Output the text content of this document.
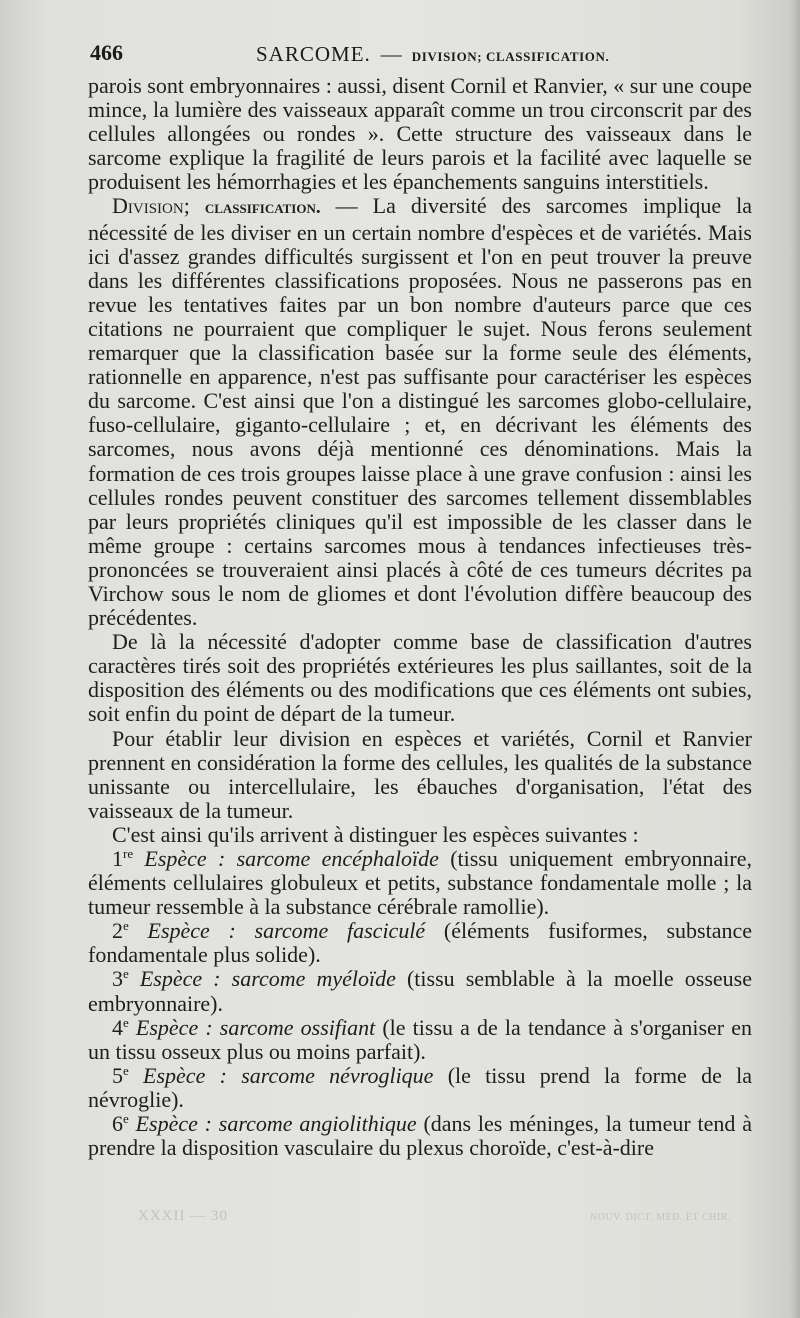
466	SARCOME. — DIVISION; CLASSIFICATION.

parois sont embryonnaires : aussi, disent Cornil et Ranvier, « sur une coupe mince, la lumière des vaisseaux apparaît comme un trou circonscrit par des cellules allongées ou rondes ». Cette structure des vaisseaux dans le sarcome explique la fragilité de leurs parois et la facilité avec laquelle se produisent les hémorrhagies et les épanchements sanguins interstitiels.

Division; classification. — La diversité des sarcomes implique la nécessité de les diviser en un certain nombre d'espèces et de variétés. Mais ici d'assez grandes difficultés surgissent et l'on en peut trouver la preuve dans les différentes classifications proposées. Nous ne passerons pas en revue les tentatives faites par un bon nombre d'auteurs parce que ces citations ne pourraient que compliquer le sujet. Nous ferons seulement remarquer que la classification basée sur la forme seule des éléments, rationnelle en apparence, n'est pas suffisante pour caractériser les espèces du sarcome. C'est ainsi que l'on a distingué les sarcomes globo-cellulaire, fuso-cellulaire, giganto-cellulaire ; et, en décrivant les éléments des sarcomes, nous avons déjà mentionné ces dénominations. Mais la formation de ces trois groupes laisse place à une grave confusion : ainsi les cellules rondes peuvent constituer des sarcomes tellement dissemblables par leurs propriétés cliniques qu'il est impossible de les classer dans le même groupe : certains sarcomes mous à tendances infectieuses très-prononcées se trouveraient ainsi placés à côté de ces tumeurs décrites pa Virchow sous le nom de gliomes et dont l'évolution diffère beaucoup des précédentes.

De là la nécessité d'adopter comme base de classification d'autres caractères tirés soit des propriétés extérieures les plus saillantes, soit de la disposition des éléments ou des modifications que ces éléments ont subies, soit enfin du point de départ de la tumeur.

Pour établir leur division en espèces et variétés, Cornil et Ranvier prennent en considération la forme des cellules, les qualités de la substance unissante ou intercellulaire, les ébauches d'organisation, l'état des vaisseaux de la tumeur.

C'est ainsi qu'ils arrivent à distinguer les espèces suivantes :

1re Espèce : sarcome encéphaloïde (tissu uniquement embryonnaire, éléments cellulaires globuleux et petits, substance fondamentale molle ; la tumeur ressemble à la substance cérébrale ramollie).

2e Espèce : sarcome fasciculé (éléments fusiformes, substance fondamentale plus solide).

3e Espèce : sarcome myéloïde (tissu semblable à la moelle osseuse embryonnaire).

4e Espèce : sarcome ossifiant (le tissu a de la tendance à s'organiser en un tissu osseux plus ou moins parfait).

5e Espèce : sarcome névroglique (le tissu prend la forme de la névroglie).

6e Espèce : sarcome angiolithique (dans les méninges, la tumeur tend à prendre la disposition vasculaire du plexus choroïde, c'est-à-dire

XXXII — 30	NOUV. DICT. MÉD. ET CHIR.
